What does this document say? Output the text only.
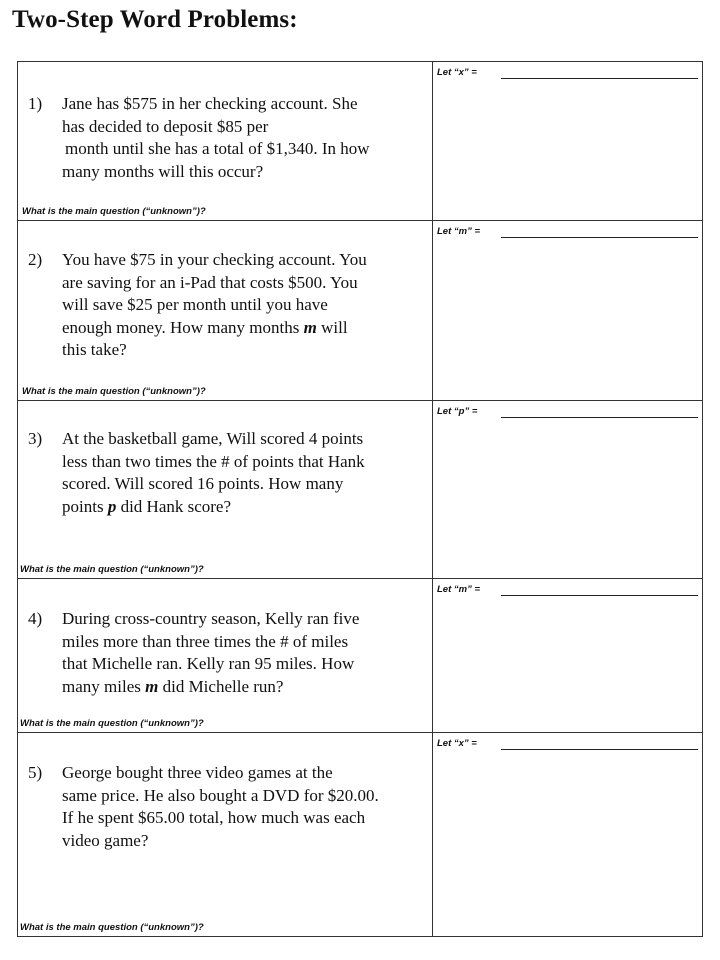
Two-Step Word Problems:
1) Jane has $575 in her checking account. She
has decided to deposit $85 per
month until she has a total of $1,340. In how
many months will this occur?
What is the main question (“unknown”)?
Let “x” =
2) You have $75 in your checking account. You
are saving for an i-Pad that costs $500. You
will save $25 per month until you have
enough money. How many months m will
this take?
What is the main question (“unknown”)?
Let “m” =
3) At the basketball game, Will scored 4 points
less than two times the # of points that Hank
scored. Will scored 16 points. How many
points p did Hank score?
What is the main question (“unknown”)?
Let “p” =
4) During cross-country season, Kelly ran five
miles more than three times the # of miles
that Michelle ran. Kelly ran 95 miles. How
many miles m did Michelle run?
What is the main question (“unknown”)?
Let “m” =
5) George bought three video games at the
same price. He also bought a DVD for $20.00.
If he spent $65.00 total, how much was each
video game?
What is the main question (“unknown”)?
Let “x” =
